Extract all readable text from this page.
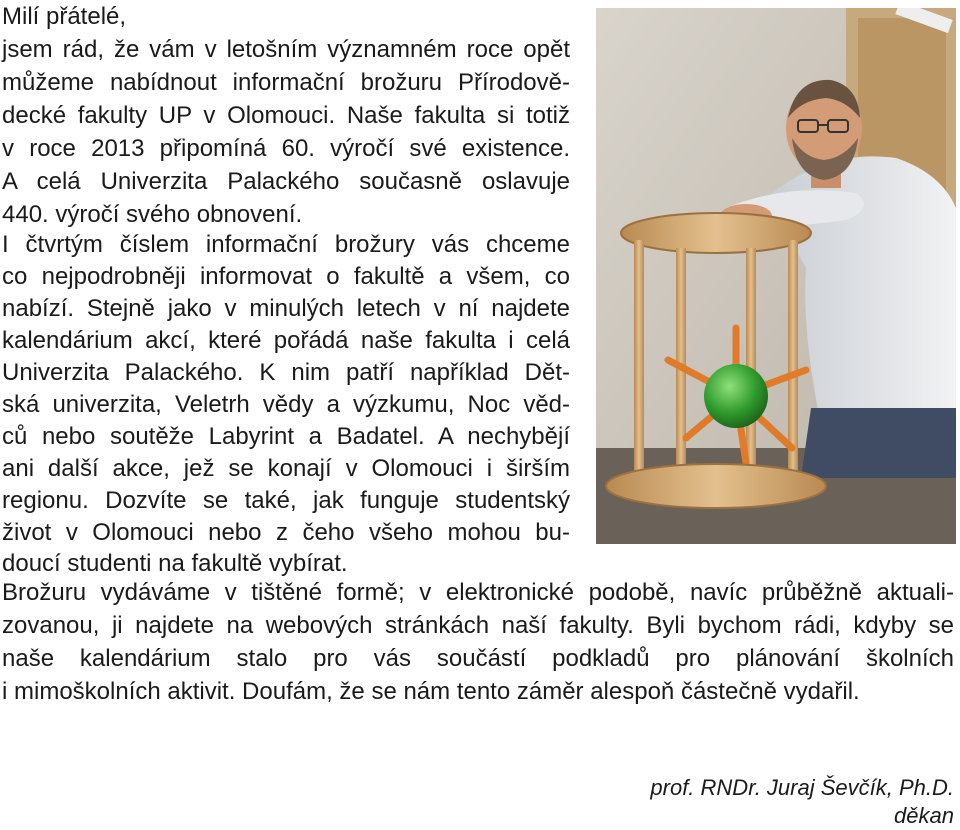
Milí přátelé,
jsem rád, že vám v letošním významném roce opět
můžeme nabídnout informační brožuru Přírodově-
decké fakulty UP v Olomouci. Naše fakulta si totiž
v roce 2013 připomíná 60. výročí své existence.
A celá Univerzita Palackého současně oslavuje
440. výročí svého obnovení.
I čtvrtým číslem informační brožury vás chceme
co nejpodrobněji informovat o fakultě a všem, co
nabízí. Stejně jako v minulých letech v ní najdete
kalendárium akcí, které pořádá naše fakulta i celá
Univerzita Palackého. K nim patří například Dět-
ská univerzita, Veletrh vědy a výzkumu, Noc věd-
ců nebo soutěže Labyrint a Badatel. A nechybějí
ani další akce, jež se konají v Olomouci i širším
regionu. Dozvíte se také, jak funguje studentský
život v Olomouci nebo z čeho všeho mohou bu-
doucí studenti na fakultě vybírat.
Brožuru vydáváme v tištěné formě; v elektronické podobě, navíc průběžně aktuali-
zovanou, ji najdete na webových stránkách naší fakulty. Byli bychom rádi, kdyby se
naše kalendárium stalo pro vás součástí podkladů pro plánování školních
i mimoškolních aktivit. Doufám, že se nám tento záměr alespoň částečně vydařil.
prof. RNDr. Juraj Ševčík, Ph.D.
děkan
